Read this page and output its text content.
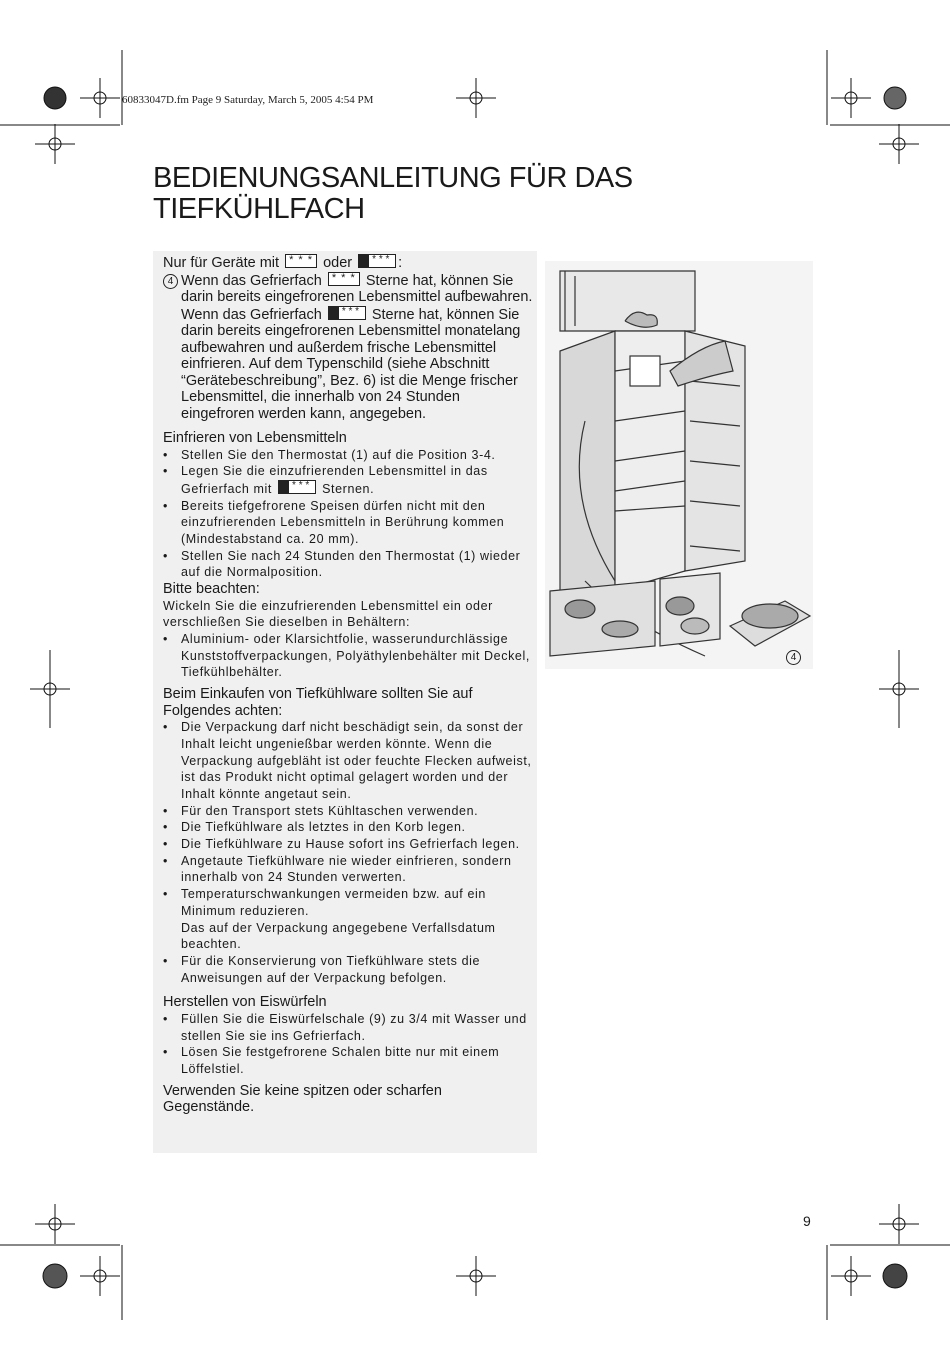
60833047D.fm Page 9 Saturday, March 5, 2005 4:54 PM
BEDIENUNGSANLEITUNG FÜR DAS
TIEFKÜHLFACH

Nur für Geräte mit * * *	oder * * *	:

4 Wenn das Gefrierfach * * *	Sterne hat, können Sie darin bereits eingefrorenen Lebensmittel aufbewahren.

Wenn das Gefrierfach * * *	Sterne hat, können Sie darin bereits eingefrorenen Lebensmittel monatelang aufbewahren und außerdem frische Lebensmittel einfrieren. Auf dem Typenschild (siehe Abschnitt “Gerätebeschreibung”, Bez. 6) ist die Menge frischer Lebensmittel, die innerhalb von 24 Stunden eingefroren werden kann, angegeben.

Einfrieren von Lebensmitteln

• Stellen Sie den Thermostat (1) auf die Position 3-4.
• Legen Sie die einzufrierenden Lebensmittel in das Gefrierfach mit * * *	Sternen.
• Bereits tiefgefrorene Speisen dürfen nicht mit den einzufrierenden Lebensmitteln in Berührung kommen (Mindestabstand ca. 20 mm).
• Stellen Sie nach 24 Stunden den Thermostat (1) wieder auf die Normalposition.

Bitte beachten:

Wickeln Sie die einzufrierenden Lebensmittel ein oder verschließen Sie dieselben in Behältern:

• Aluminium- oder Klarsichtfolie, wasserundurchlässige Kunststoffverpackungen, Polyäthylenbehälter mit Deckel, Tiefkühlbehälter.

Beim Einkaufen von Tiefkühlware sollten Sie auf Folgendes achten:

• Die Verpackung darf nicht beschädigt sein, da sonst der Inhalt leicht ungenießbar werden könnte. Wenn die Verpackung aufgebläht ist oder feuchte Flecken aufweist, ist das Produkt nicht optimal gelagert worden und der Inhalt könnte angetaut sein.
• Für den Transport stets Kühltaschen verwenden.
• Die Tiefkühlware als letztes in den Korb legen.
• Die Tiefkühlware zu Hause sofort ins Gefrierfach legen.
• Angetaute Tiefkühlware nie wieder einfrieren, sondern innerhalb von 24 Stunden verwerten.
• Temperaturschwankungen vermeiden bzw. auf ein Minimum reduzieren.
Das auf der Verpackung angegebene Verfallsdatum beachten.
• Für die Konservierung von Tiefkühlware stets die Anweisungen auf der Verpackung befolgen.

Herstellen von Eiswürfeln

• Füllen Sie die Eiswürfelschale (9) zu 3/4 mit Wasser und stellen Sie sie ins Gefrierfach.
• Lösen Sie festgefrorene Schalen bitte nur mit einem Löffelstiel.

Verwenden Sie keine spitzen oder scharfen Gegenstände.

4
9
